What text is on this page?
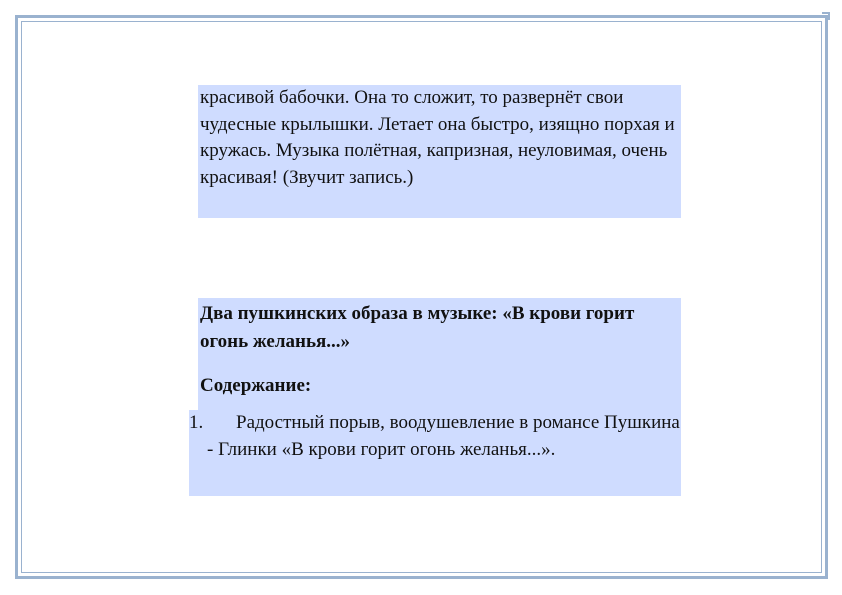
красивой бабочки. Она то сложит, то развернёт свои чудесные крылышки. Летает она быстро, изящно порхая и кружась. Музыка полётная, капризная, неуловимая, очень красивая! (Звучит запись.)
Два пушкинских образа в музыке: «В крови горит огонь желанья...»
Содержание:
1.	Радостный порыв, воодушевление в романсе Пушкина - Глинки «В крови горит огонь желанья...».
